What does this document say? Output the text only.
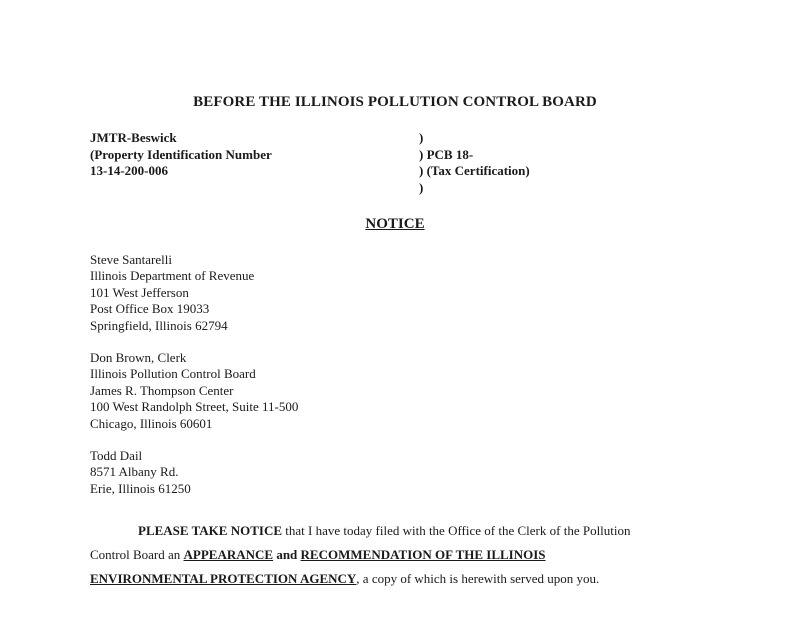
BEFORE THE ILLINOIS POLLUTION CONTROL BOARD
JMTR-Beswick
(Property Identification Number
13-14-200-006
)
) PCB 18-
) (Tax Certification)
)
NOTICE
Steve Santarelli
Illinois Department of Revenue
101 West Jefferson
Post Office Box 19033
Springfield, Illinois 62794
Don Brown, Clerk
Illinois Pollution Control Board
James R. Thompson Center
100 West Randolph Street, Suite 11-500
Chicago, Illinois 60601
Todd Dail
8571 Albany Rd.
Erie, Illinois 61250
PLEASE TAKE NOTICE that I have today filed with the Office of the Clerk of the Pollution
Control Board an APPEARANCE and RECOMMENDATION OF THE ILLINOIS
ENVIRONMENTAL PROTECTION AGENCY, a copy of which is herewith served upon you.
